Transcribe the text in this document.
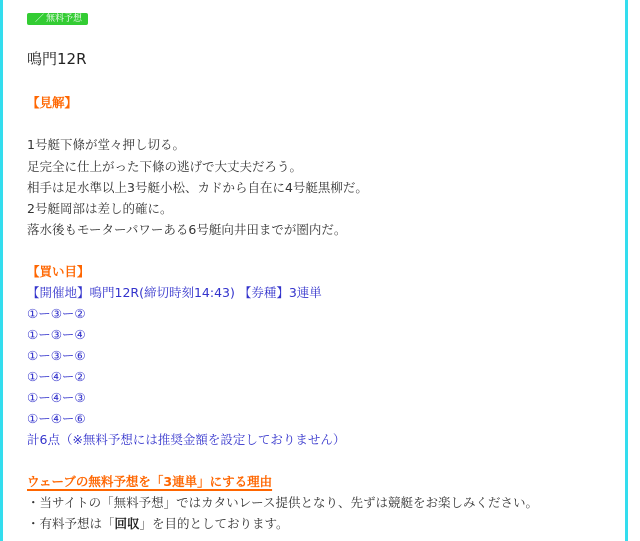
／ 無料予想
鳴門12R
【見解】
1号艇下條が堂々押し切る。
足完全に仕上がった下條の逃げで大丈夫だろう。
相手は足水準以上3号艇小松、カドから自在に4号艇黒柳だ。
2号艇岡部は差し的確に。
落水後もモーターパワーある6号艇向井田までが圏内だ。
【買い目】
【開催地】鳴門12R(締切時刻14:43) 【券種】3連単
①ー③ー②
①ー③ー④
①ー③ー⑥
①ー④ー②
①ー④ー③
①ー④ー⑥
計6点（※無料予想には推奨金額を設定しておりません）
ウェーブの無料予想を「3連単」にする理由
・当サイトの「無料予想」ではカタいレース提供となり、先ずは競艇をお楽しみください。
・有料予想は「回収」を目的としております。
